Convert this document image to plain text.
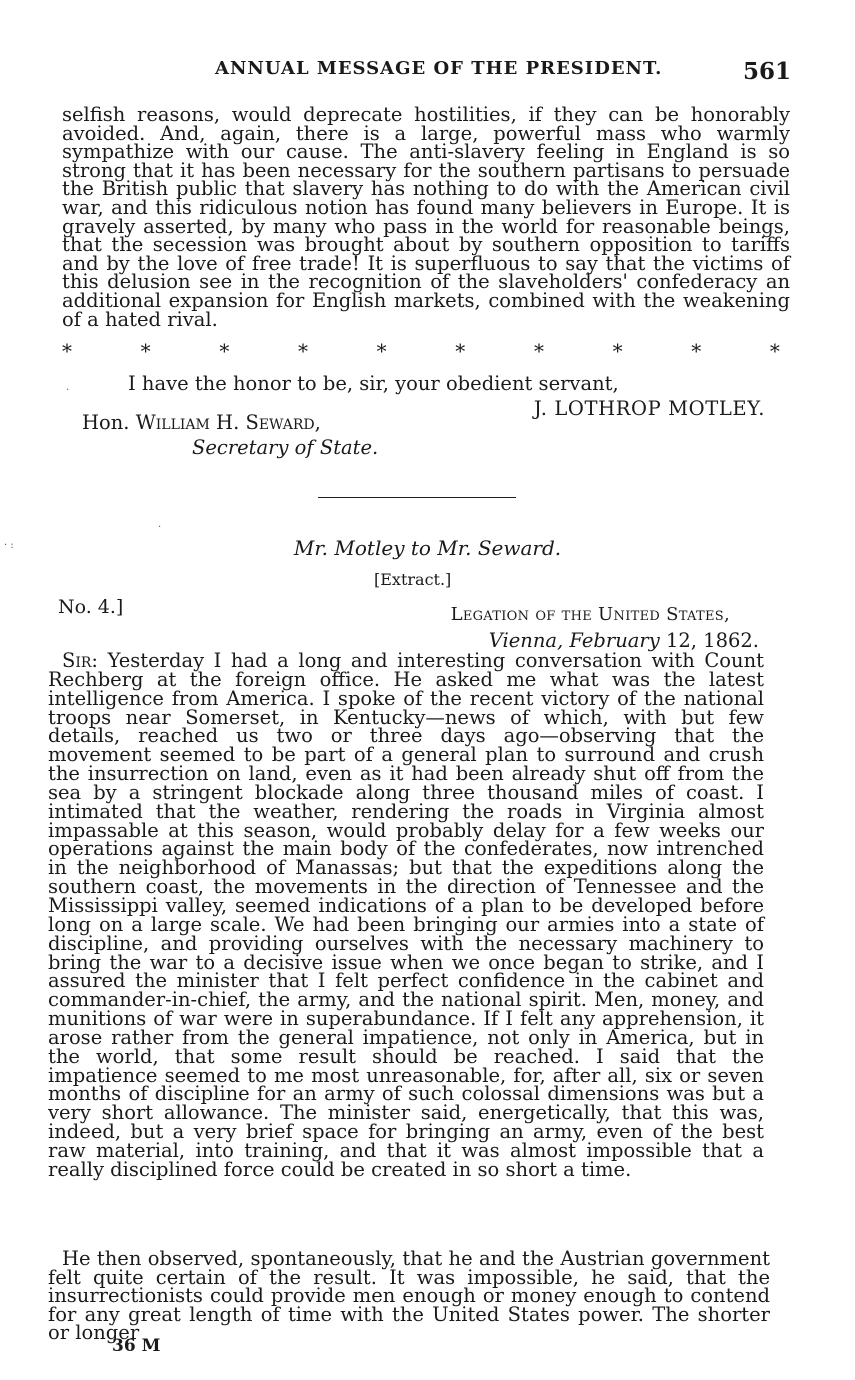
ANNUAL MESSAGE OF THE PRESIDENT.	561

selfish reasons, would deprecate hostilities, if they can be honorably avoided. And, again, there is a large, powerful mass who warmly sympathize with our cause. The anti-slavery feeling in England is so strong that it has been necessary for the southern partisans to persuade the British public that slavery has nothing to do with the American civil war, and this ridiculous notion has found many believers in Europe. It is gravely asserted, by many who pass in the world for reasonable beings, that the secession was brought about by southern opposition to tariffs and by the love of free trade! It is superfluous to say that the victims of this delusion see in the recognition of the slaveholders' confederacy an additional expansion for English markets, combined with the weakening of a hated rival.

*	*	*	*	*	*	*	*	*	*
I have the honor to be, sir, your obedient servant,
J. LOTHROP MOTLEY.
Hon. William H. Seward,
Secretary of State.
Mr. Motley to Mr. Seward.
[Extract.]
No. 4.]	Legation of the United States,
Vienna, February 12, 1862.

Sir: Yesterday I had a long and interesting conversation with Count Rechberg at the foreign office. He asked me what was the latest intelligence from America. I spoke of the recent victory of the national troops near Somerset, in Kentucky—news of which, with but few details, reached us two or three days ago—observing that the movement seemed to be part of a general plan to surround and crush the insurrection on land, even as it had been already shut off from the sea by a stringent blockade along three thousand miles of coast. I intimated that the weather, rendering the roads in Virginia almost impassable at this season, would probably delay for a few weeks our operations against the main body of the confederates, now intrenched in the neighborhood of Manassas; but that the expeditions along the southern coast, the movements in the direction of Tennessee and the Mississippi valley, seemed indications of a plan to be developed before long on a large scale. We had been bringing our armies into a state of discipline, and providing ourselves with the necessary machinery to bring the war to a decisive issue when we once began to strike, and I assured the minister that I felt perfect confidence in the cabinet and commander-in-chief, the army, and the national spirit. Men, money, and munitions of war were in superabundance. If I felt any apprehension, it arose rather from the general impatience, not only in America, but in the world, that some result should be reached. I said that the impatience seemed to me most unreasonable, for, after all, six or seven months of discipline for an army of such colossal dimensions was but a very short allowance. The minister said, energetically, that this was, indeed, but a very brief space for bringing an army, even of the best raw material, into training, and that it was almost impossible that a really disciplined force could be created in so short a time.

He then observed, spontaneously, that he and the Austrian government felt quite certain of the result. It was impossible, he said, that the insurrectionists could provide men enough or money enough to contend for any great length of time with the United States power. The shorter or longer

36 M
.
.
· :
